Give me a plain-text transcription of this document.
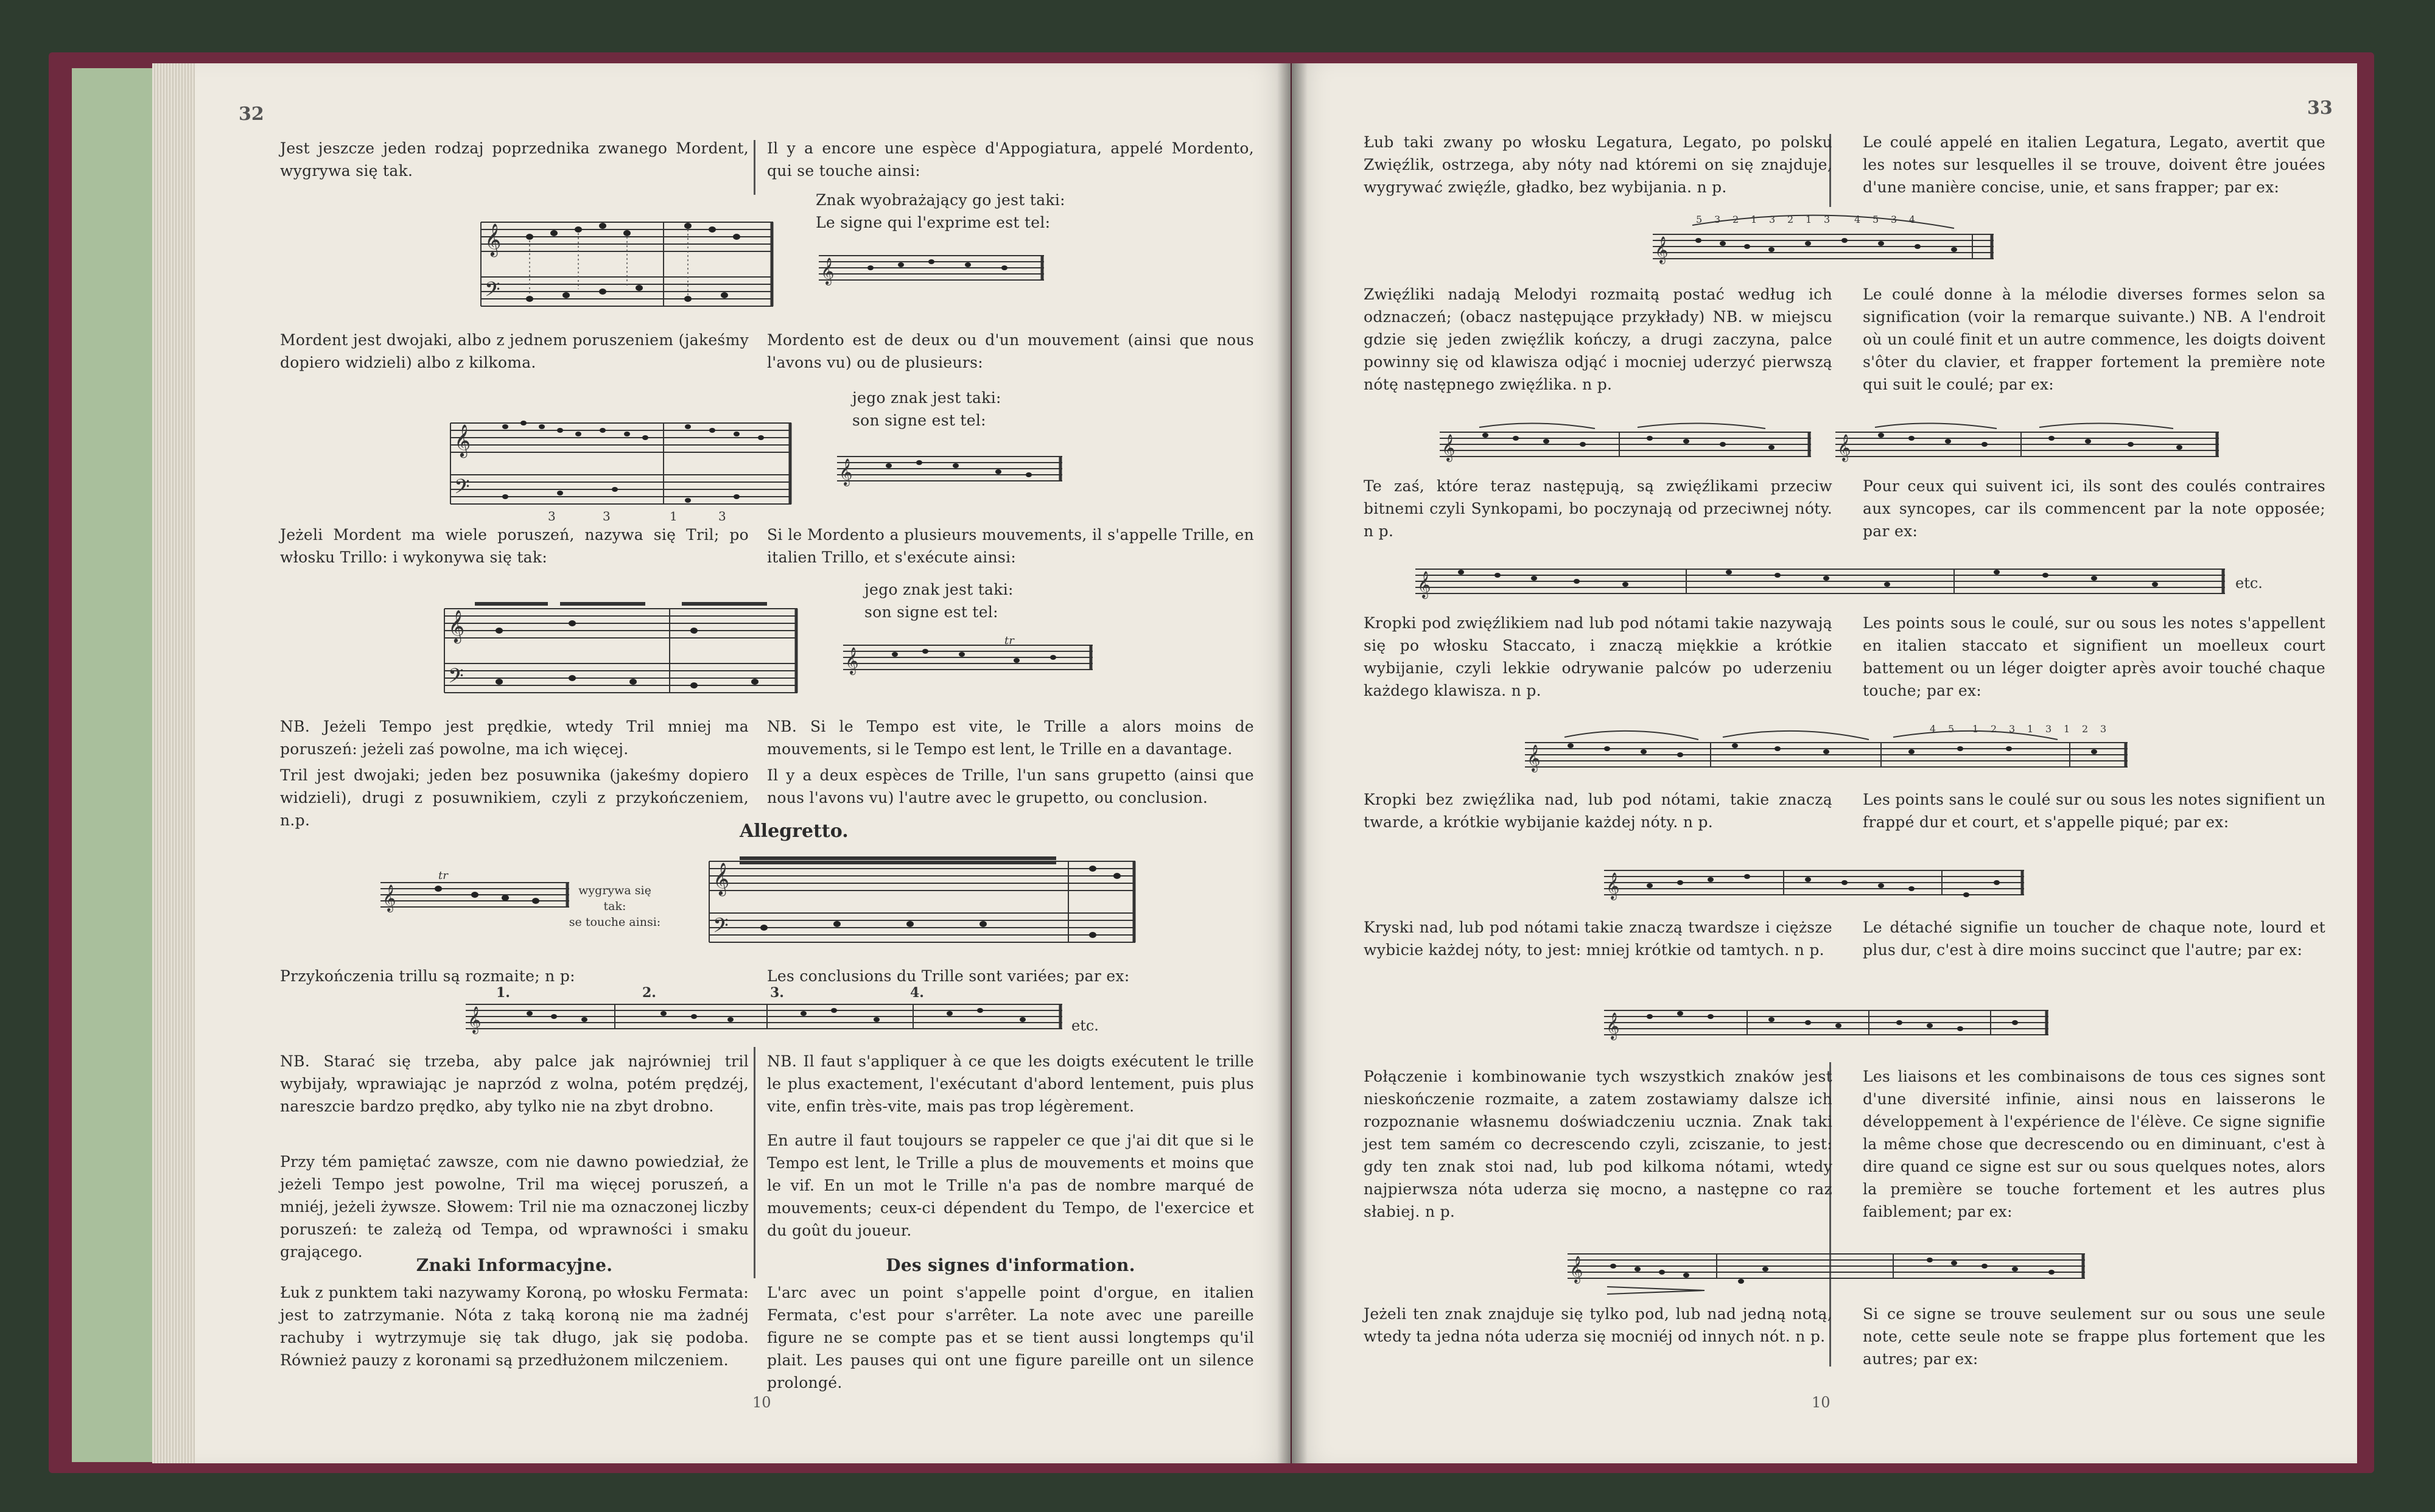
32
Jest jeszcze jeden rodzaj poprzednika zwanego Mordent, wygrywa się tak.
Mordent jest dwojaki, albo z jednem poruszeniem (jakeśmy dopiero widzieli) albo z kilkoma.
Jeżeli Mordent ma wiele poruszeń, nazywa się Tril; po włosku Trillo: i wykonywa się tak:
NB. Jeżeli Tempo jest prędkie, wtedy Tril mniej ma poruszeń: jeżeli zaś powolne, ma ich więcej.
Tril jest dwojaki; jeden bez posuwnika (jakeśmy dopiero widzieli), drugi z posuwnikiem, czyli z przykończeniem, n.p.
Przykończenia trillu są rozmaite; n p:
NB. Starać się trzeba, aby palce jak najrówniej tril wybijały, wprawiając je naprzód z wolna, potém prędzéj, nareszcie bardzo prędko, aby tylko nie na zbyt drobno.
Przy tém pamiętać zawsze, com nie dawno powiedział, że jeżeli Tempo jest powolne, Tril ma więcej poruszeń, a mniéj, jeżeli żywsze. Słowem: Tril nie ma oznaczonej liczby poruszeń: te zależą od Tempa, od wprawności i smaku grającego.
Znaki Informacyjne.
Łuk z punktem taki nazywamy Koroną, po włosku Fermata: jest to zatrzymanie. Nóta z taką koroną nie ma żadnéj rachuby i wytrzymuje się tak długo, jak się podoba. Również pauzy z koronami są przedłużonem milczeniem.
Il y a encore une espèce d'Appogiatura, appelé Mordento, qui se touche ainsi:
Znak wyobrażający go jest taki:
Le signe qui l'exprime est tel:
Mordento est de deux ou d'un mouvement (ainsi que nous l'avons vu) ou de plusieurs:
jego znak jest taki:
son signe est tel:
Si le Mordento a plusieurs mouvements, il s'appelle Trille, en italien Trillo, et s'exécute ainsi:
jego znak jest taki:
son signe est tel:
NB. Si le Tempo est vite, le Trille a alors moins de mouvements, si le Tempo est lent, le Trille en a davantage.
Il y a deux espèces de Trille, l'un sans grupetto (ainsi que nous l'avons vu) l'autre avec le grupetto, ou conclusion.
Les conclusions du Trille sont variées; par ex:
NB. Il faut s'appliquer à ce que les doigts exécutent le trille le plus exactement, l'exécutant d'abord lentement, puis plus vite, enfin très-vite, mais pas trop légèrement.
En autre il faut toujours se rappeler ce que j'ai dit que si le Tempo est lent, le Trille a plus de mouvements et moins que le vif. En un mot le Trille n'a pas de nombre marqué de mouvements; ceux-ci dépendent du Tempo, de l'exercice et du goût du joueur.
Des signes d'information.
L'arc avec un point s'appelle point d'orgue, en italien Fermata, c'est pour s'arrêter. La note avec une pareille figure ne se compte pas et se tient aussi longtemps qu'il plait. Les pauses qui ont une figure pareille ont un silence prolongé.
Allegretto.
wygrywa się tak:
se touche ainsi:
10
𝄞
𝄢
𝄞
𝄞
𝄢
3	3	1	3
𝄞
𝄞
𝄢
𝄞
tr
𝄞
tr	𝄞
𝄢
𝄞
1.	2.	3.	4.
etc.
33
Łub taki zwany po włosku Legatura, Legato, po polsku Zwięźlik, ostrzega, aby nóty nad któremi on się znajduje, wygrywać zwięźle, gładko, bez wybijania. n p.
Zwięźliki nadają Melodyi rozmaitą postać według ich odznaczeń; (obacz następujące przykłady) NB. w miejscu gdzie się jeden zwięźlik kończy, a drugi zaczyna, palce powinny się od klawisza odjąć i mocniej uderzyć pierwszą nótę następnego zwięźlika. n p.
Te zaś, które teraz następują, są zwięźlikami przeciw bitnemi czyli Synkopami, bo poczynają od przeciwnej nóty. n p.
Kropki pod zwięźlikiem nad lub pod nótami takie nazywają się po włosku Staccato, i znaczą miękkie a krótkie wybijanie, czyli lekkie odrywanie palców po uderzeniu każdego klawisza. n p.
Kropki bez zwięźlika nad, lub pod nótami, takie znaczą twarde, a krótkie wybijanie każdej nóty. n p.
Kryski nad, lub pod nótami takie znaczą twardsze i cięższe wybicie każdej nóty, to jest: mniej krótkie od tamtych. n p.
Połączenie i kombinowanie tych wszystkich znaków jest nieskończenie rozmaite, a zatem zostawiamy dalsze ich rozpoznanie własnemu doświadczeniu ucznia. Znak taki jest tem samém co decrescendo czyli, zciszanie, to jest: gdy ten znak stoi nad, lub pod kilkoma nótami, wtedy najpierwsza nóta uderza się mocno, a następne co raz słabiej. n p.
Jeżeli ten znak znajduje się tylko pod, lub nad jedną notą, wtedy ta jedna nóta uderza się mocniéj od innych nót. n p.
Le coulé appelé en italien Legatura, Legato, avertit que les notes sur lesquelles il se trouve, doivent être jouées d'une manière concise, unie, et sans frapper; par ex:
Le coulé donne à la mélodie diverses formes selon sa signification (voir la remarque suivante.) NB. A l'endroit où un coulé finit et un autre commence, les doigts doivent s'ôter du clavier, et frapper fortement la première note qui suit le coulé; par ex:
Pour ceux qui suivent ici, ils sont des coulés contraires aux syncopes, car ils commencent par la note opposée; par ex:
Les points sous le coulé, sur ou sous les notes s'appellent en italien staccato et signifient un moelleux court battement ou un léger doigter après avoir touché chaque touche; par ex:
Les points sans le coulé sur ou sous les notes signifient un frappé dur et court, et s'appelle piqué; par ex:
Le détaché signifie un toucher de chaque note, lourd et plus dur, c'est à dire moins succinct que l'autre; par ex:
Les liaisons et les combinaisons de tous ces signes sont d'une diversité infinie, ainsi nous en laisserons le développement à l'expérience de l'élève. Ce signe signifie la même chose que decrescendo ou en diminuant, c'est à dire quand ce signe est sur ou sous quelques notes, alors la première se touche fortement et les autres plus faiblement; par ex:
Si ce signe se trouve seulement sur ou sous une seule note, cette seule note se frappe plus fortement que les autres; par ex:
10
𝄞
5 3 2 1 3 2 1 3 4 5 3 4
𝄞	𝄞
𝄞	etc.
𝄞
4 5 1 2 3 1 3 1 2 3
𝄞
𝄞
𝄞
